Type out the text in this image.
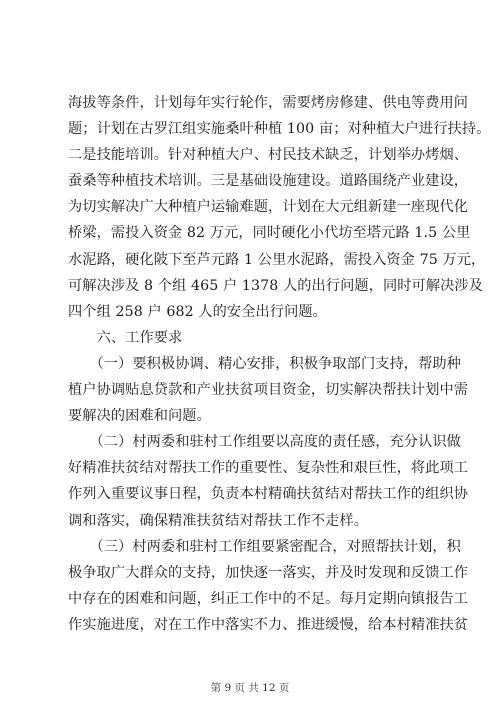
海拔等条件，计划每年实行轮作，需要烤房修建、供电等费用问
题；计划在古罗江组实施桑叶种植 100 亩；对种植大户进行扶持。
二是技能培训。针对种植大户、村民技术缺乏，计划举办烤烟、
蚕桑等种植技术培训。三是基础设施建设。道路围绕产业建设，
为切实解决广大种植户运输难题，计划在大元组新建一座现代化
桥梁，需投入资金 82 万元，同时硬化小代坊至塔元路 1.5 公里
水泥路，硬化陂下至芦元路 1 公里水泥路，需投入资金 75 万元，
可解决涉及 8 个组 465 户 1378 人的出行问题，同时可解决涉及
四个组 258 户 682 人的安全出行问题。
　　六、工作要求
　　（一）要积极协调、精心安排，积极争取部门支持，帮助种
植户协调贴息贷款和产业扶贫项目资金，切实解决帮扶计划中需
要解决的困难和问题。
　　（二）村两委和驻村工作组要以高度的责任感，充分认识做
好精准扶贫结对帮扶工作的重要性、复杂性和艰巨性，将此项工
作列入重要议事日程，负责本村精确扶贫结对帮扶工作的组织协
调和落实，确保精准扶贫结对帮扶工作不走样。
　　（三）村两委和驻村工作组要紧密配合，对照帮扶计划，积
极争取广大群众的支持，加快逐一落实，并及时发现和反馈工作
中存在的困难和问题，纠正工作中的不足。每月定期向镇报告工
作实施进度，对在工作中落实不力、推进缓慢，给本村精准扶贫
第 9 页 共 12 页
